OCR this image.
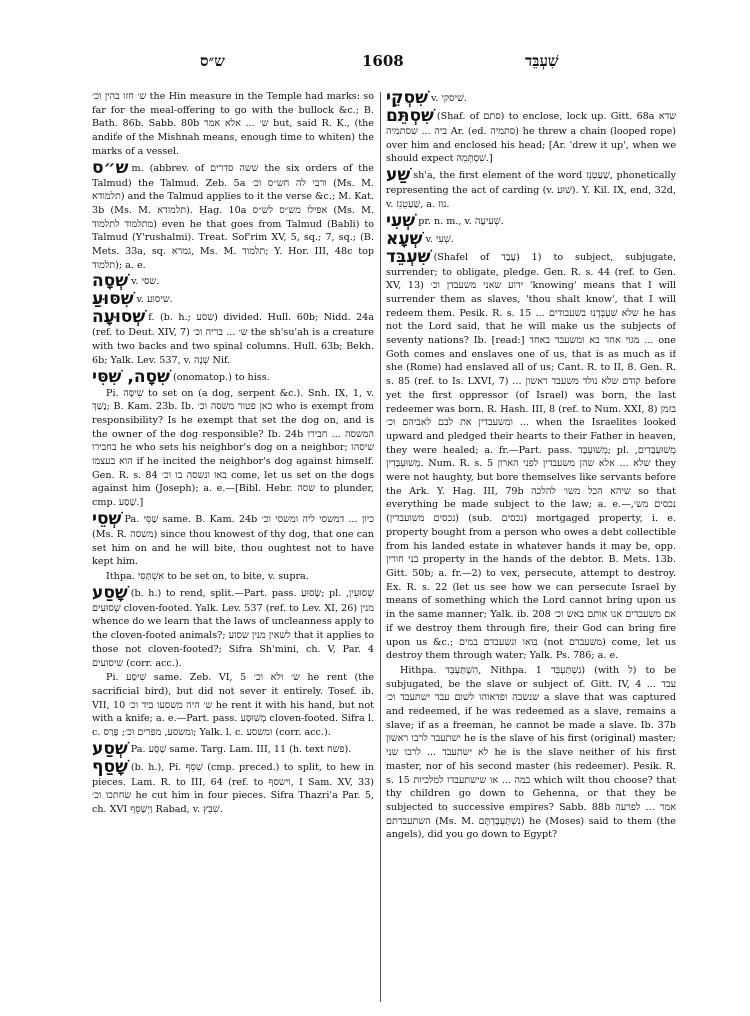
ש״ס	1608	שִׁעְבֵּד

ש׳ חזו בהין וכ׳ the Hin measure in the Temple had marks: so far for the meal-offering to go with the bullock &c.; B. Bath. 86b. Sabb. 80b ש׳ ... אלא אמר but, said R. K., (the andiťe of the Mishnah means, enough time to whiten) the marks of a vessel.

ש״ס m. (abbrev. of ששה סדרים the six orders of the Talmud) the Talmud. Zeb. 5a ורבי לה חש״ס וכ׳ (Ms. M. תלמודא) and the Talmud applies to it the verse &c.; M. Kat. 3b (Ms. M. תלמודא). Ḥag. 10a אפילו מש״ס לש״ס (Ms. M. מתלמוד לתלמוד) even he that goes from Talmud (Babli) to Talmud (Y'rushalmi). Treat. Sof'rim XV, 5, sq.; 7, sq.; (B. Mets. 33a, sq. גמרא, Ms. M. תלמוד; Y. Hor. III, 48c top תלמוד); a. e.

שְׁסָה v. שסי.

שִׁסּוּעַ v. שיסוע.

שְׁסוּעָה f. (b. h.; שסע) divided. Hull. 60b; Nidd. 24a (ref. to Deut. XIV, 7) ש׳ ... בריה וכ׳ the sh'su'ah is a creature with two backs and two spinal columns. Hull. 63b; Bekh. 6b; Yalk. Lev. 537, v. שְׁנָה Nif.

שִׁסָה, שִׁסִּי (onomatop.) to hiss.

Pi. שִׁיסָּה to set on (a dog, serpent &c.). Snh. IX, 1, v. נָשַׁךְ; B. Kam. 23b. Ib. כאן פטור משסה וכ׳ who is exempt from responsibility? Is he exempt that set the dog on, and is the owner of the dog responsible? Ib. 24b המשסה ... חבירו בחבירו he who sets his neighbor's dog on a neighbor; שיסהו הוא בעצמו if he incited the neighbor's dog against himself. Gen. R. s. 84 באו ונשסה בו וכ׳ come, let us set on the dogs against him (Joseph); a. e.—[Bibl. Hebr. שסה to plunder, cmp. שָׁסַע.]

שְׁסֵי Pa. שַׁסֵּי same. B. Kam. 24b כיון ... דמשסי ליה ומשסי וכ׳ (Ms. R. משסה) since thou knowest of thy dog, that one can set him on and he will bite, thou oughtest not to have kept him.

Ithpa. אִשְׁתַּסִּי to be set on, to bite, v. supra.

שָׁסַע (b. h.) to rend, split.—Part. pass. שָׂסוּעַ; pl. שְׁסוּעִין, שְׁסוּעִים cloven-footed. Yalk. Lev. 537 (ref. to Lev. XI, 26) מנין whence do we learn that the laws of uncleanness apply to the cloven-footed animals?; לשאין מנין שסוע that it applies to those not cloven-footed?; Sifra Sh'mini, ch. V, Par. 4 שיסועים (corr. acc.).

Pi. שִׁיסַּע same. Zeb. VI, 5 ש׳ ולא וכ׳ he rent (the sacrificial bird), but did not sever it entirely. Tosef. ib. VII, 10 ש׳ היה משסעו ביד וכ׳ he rent it with his hand, but not with a knife; a. e.—Part. pass. מְשׁוּסָּע cloven-footed. Sifra l. c. ומשסע, מפרים וכ׳; פָּרַס; Yalk. l. c. ומשסע (corr. acc.).

שְׁסַע Pa. שַׁסַּע same. Targ. Lam. III, 11 (h. text פשח).

שָׁסַף (b. h.), Pi. שִׁסֵּף (cmp. preced.) to split, to hew in pieces. Lam. R. to III, 64 (ref. to וישסף, I Sam. XV, 33) שחתכו וכ׳ he cut him in four pieces. Sifra Thazri'a Par. 5, ch. XVI וַיְשַׁסֵּף Rabad, v. שִׁבֵּץ.

שִׁסְקֵי v. שׁיסקי.

שִׁסְתֵּם (Shaf. of סתם) to enclose, lock up. Gitt. 68a שדא ביה ... שסתמיה Ar. (ed. סתמיה) he threw a chain (looped rope) over him and enclosed his head; [Ar. 'drew it up', when we should expect שִׁסְתְּמֵהּ.]

שַׁע sh'a, the first element of the word שַׁעַטְנֵז, phonetically representing the act of carding (v. שׁוּע). Y. Kil. IX, end, 32d, v. שַׁעַטְנֵז, a. נוז.

שְׁעִי pr. n. m., v. שְׁעִיעָה.

שְׁעָא v. שְׁעִי.

שִׁעְבֵּד (Shafel of עָבַד) 1) to subject, subjugate, surrender; to obligate, pledge. Gen. R. s. 44 (ref. to Gen. XV, 13) ידוע שאני משעבדן וכ׳ 'knowing' means that I will surrender them as slaves, 'thou shalt know', that I will redeem them. Pesik. R. s. 15 ... שלא שִׁעְבְּדָנוּ בשעבודים he has not the Lord said, that he will make us the subjects of seventy nations? Ib. [read:] מגוי אחד בא ומשעבד באחד ... one Goth comes and enslaves one of us, that is as much as if she (Rome) had enslaved all of us; Cant. R. to II, 8. Gen. R. s. 85 (ref. to Is. LXVI, 7) ... קודם שלא נולד משעבד ראשון before yet the first oppressor (of Israel) was born, the last redeemer was born. R. Hash. III, 8 (ref. to Num. XXI, 8) בזמן ... ומשעבדין את לבם לאביהם וכ׳ when the Israelites looked upward and pledged their hearts to their Father in heaven, they were healed; a. fr.—Part. pass. מְשׁוּעְבָּד; pl. מְשׁוּעְבָּדִים, מְשׁוּעְבָּדִין. Num. R. s. 5 שלא ... אלא שהן משעבדין לפני הארון they were not haughty, but bore themselves like servants before the Ark. Y. Hag. III, 79b שיהא הכל משו׳ להלכה so that everything be made subject to the law; a. e.—נכסים מש׳, (נכסים משועבדין) (sub. נכסים) mortgaged property, i. e. property bought from a person who owes a debt collectible from his landed estate in whatever hands it may be, opp. בני חורין property in the hands of the debtor. B. Mets. 13b. Gitt. 50b; a. fr.—2) to vex, persecute, attempt to destroy. Ex. R. s. 22 (let us see how we can persecute Israel by means of something which the Lord cannot bring upon us in the same manner; Yalk. ib. 208 אם משעבדים אנו אותם באש וכ׳ if we destroy them through fire, their God can bring fire upon us &c.; בואו ונשעבדם במים (not משעבדם) come, let us destroy them through water; Yalk. Ps. 786; a. e.

Hithpa. הִשְׁתַּעְבֵּד, Nithpa. נִשְׁתַּעְבֵּד 1) (with ל) to be subjugated, be the slave or subject of. Gitt. IV, 4 ... עבד שנשבה ופדאוהו לשום עבד ישתעבד וכ׳ a slave that was captured and redeemed, if he was redeemed as a slave, remains a slave; if as a freeman, he cannot be made a slave. Ib. 37b ישתעבד לרבו ראשון he is the slave of his first (original) master; לא ישתעבד ... לרבו שני he is the slave neither of his first master, nor of his second master (his redeemer). Pesik. R. s. 15 במה ... או שישתעבדו למלכיות which wilt thou choose? that thy children go down to Gehenna, or that they be subjected to successive empires? Sabb. 88b אמר ... לפרעה השתעבדתם (Ms. M. נִשְׁתַּעְבַּדְתֶּם) he (Moses) said to them (the angels), did you go down to Egypt?
